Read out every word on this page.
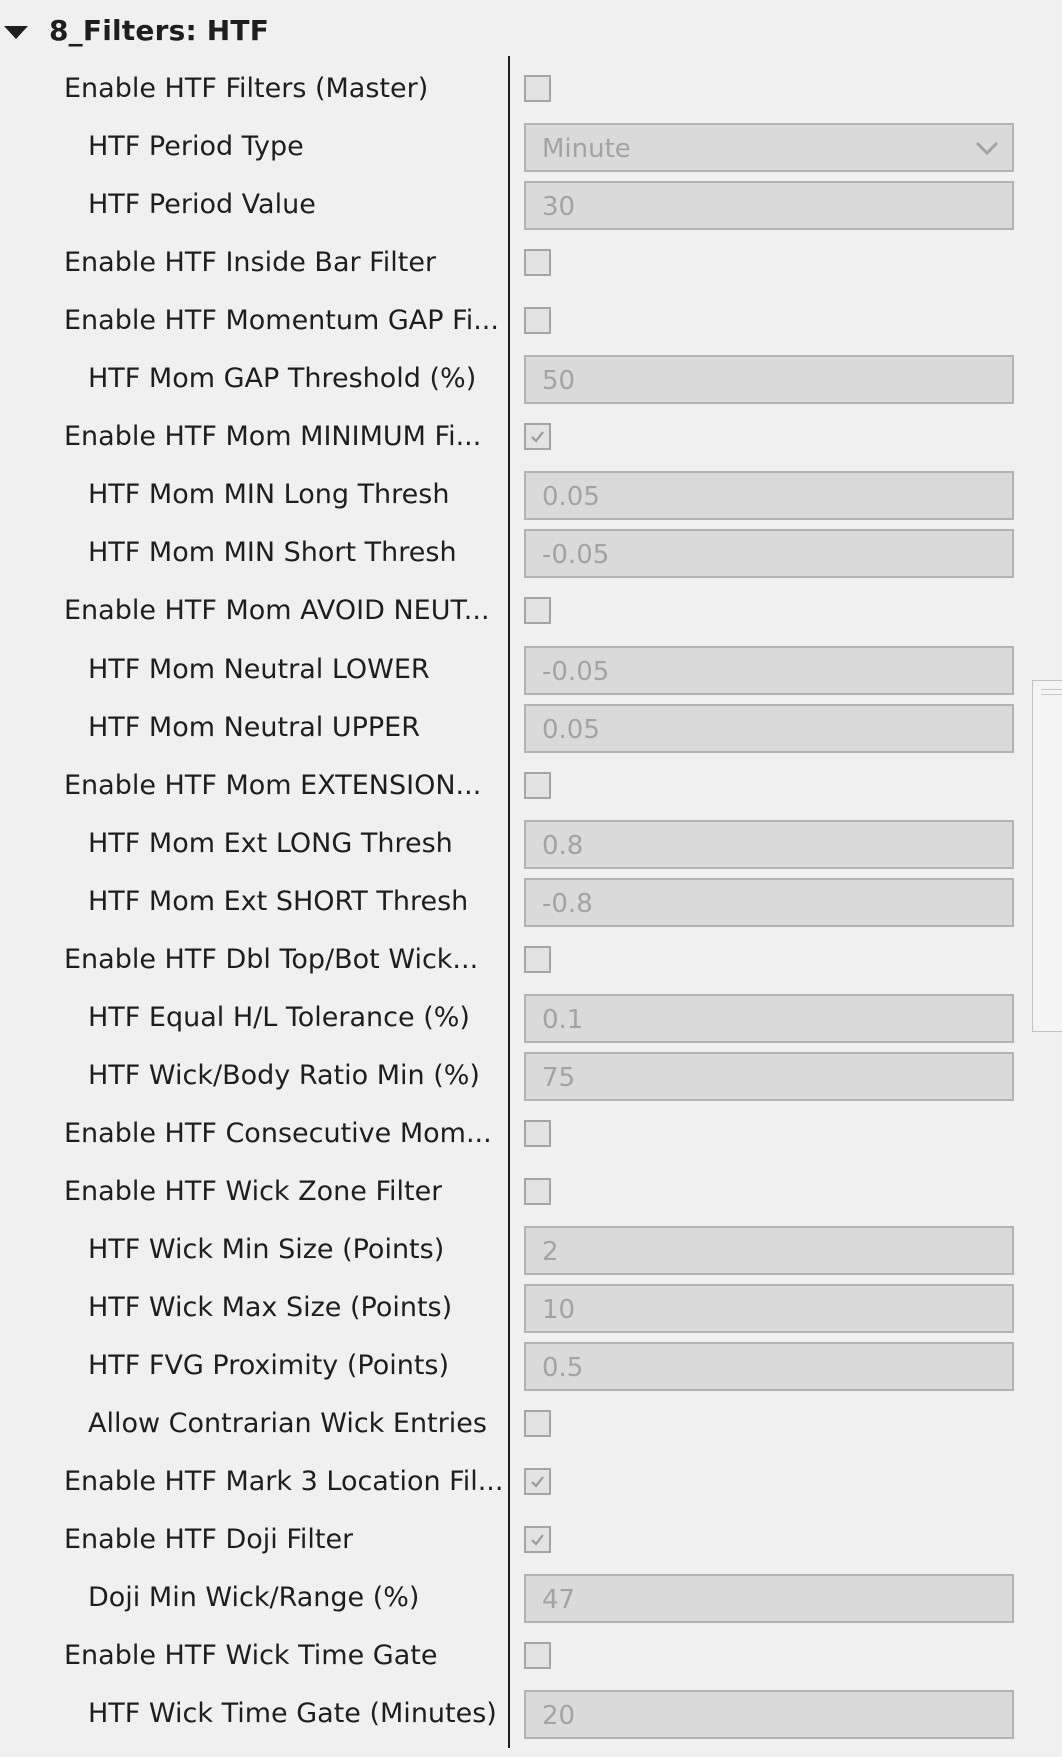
8_Filters: HTF
Enable HTF Filters (Master)
HTF Period Type	Minute
HTF Period Value	30
Enable HTF Inside Bar Filter
Enable HTF Momentum GAP Fi...
HTF Mom GAP Threshold (%)	50
Enable HTF Mom MINIMUM Fi...
HTF Mom MIN Long Thresh	0.05
HTF Mom MIN Short Thresh	-0.05
Enable HTF Mom AVOID NEUT...
HTF Mom Neutral LOWER	-0.05
HTF Mom Neutral UPPER	0.05
Enable HTF Mom EXTENSION...
HTF Mom Ext LONG Thresh	0.8
HTF Mom Ext SHORT Thresh	-0.8
Enable HTF Dbl Top/Bot Wick...
HTF Equal H/L Tolerance (%)	0.1
HTF Wick/Body Ratio Min (%) 75
Enable HTF Consecutive Mom...
Enable HTF Wick Zone Filter
HTF Wick Min Size (Points)	2
HTF Wick Max Size (Points)	10
HTF FVG Proximity (Points)	0.5
Allow Contrarian Wick Entries
Enable HTF Mark 3 Location Fil...
Enable HTF Doji Filter
Doji Min Wick/Range (%)	47
Enable HTF Wick Time Gate
HTF Wick Time Gate (Minutes) 20
